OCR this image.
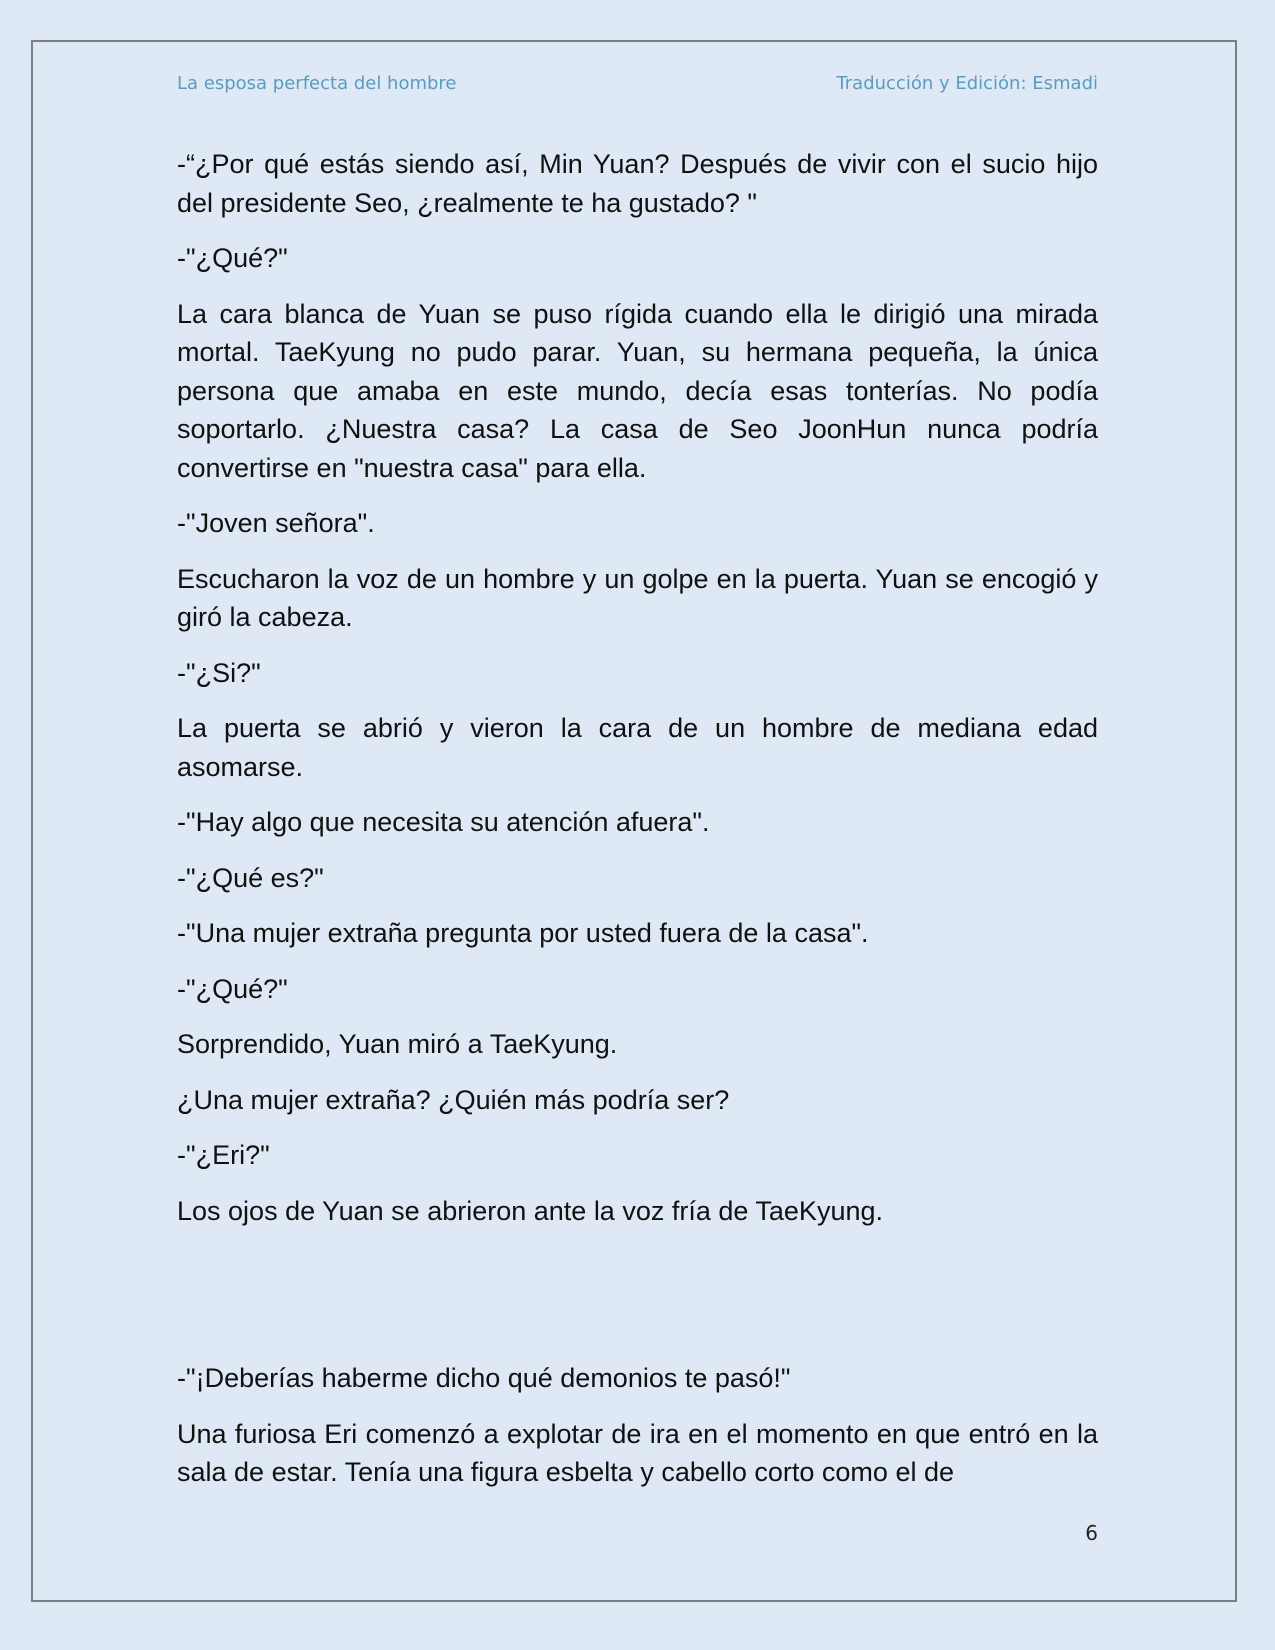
La esposa perfecta del hombre	Traducción y Edición: Esmadi

-“¿Por qué estás siendo así, Min Yuan? Después de vivir con el sucio hijo del presidente Seo, ¿realmente te ha gustado? "

-"¿Qué?"

La cara blanca de Yuan se puso rígida cuando ella le dirigió una mirada mortal. TaeKyung no pudo parar. Yuan, su hermana pequeña, la única persona que amaba en este mundo, decía esas tonterías. No podía soportarlo. ¿Nuestra casa? La casa de Seo JoonHun nunca podría convertirse en "nuestra casa" para ella.

-"Joven señora".

Escucharon la voz de un hombre y un golpe en la puerta. Yuan se encogió y giró la cabeza.

-"¿Si?"

La puerta se abrió y vieron la cara de un hombre de mediana edad asomarse.

-"Hay algo que necesita su atención afuera".

-"¿Qué es?"

-"Una mujer extraña pregunta por usted fuera de la casa".

-"¿Qué?"

Sorprendido, Yuan miró a TaeKyung.

¿Una mujer extraña? ¿Quién más podría ser?

-"¿Eri?"

Los ojos de Yuan se abrieron ante la voz fría de TaeKyung.

-"¡Deberías haberme dicho qué demonios te pasó!"

Una furiosa Eri comenzó a explotar de ira en el momento en que entró en la sala de estar. Tenía una figura esbelta y cabello corto como el de

6
